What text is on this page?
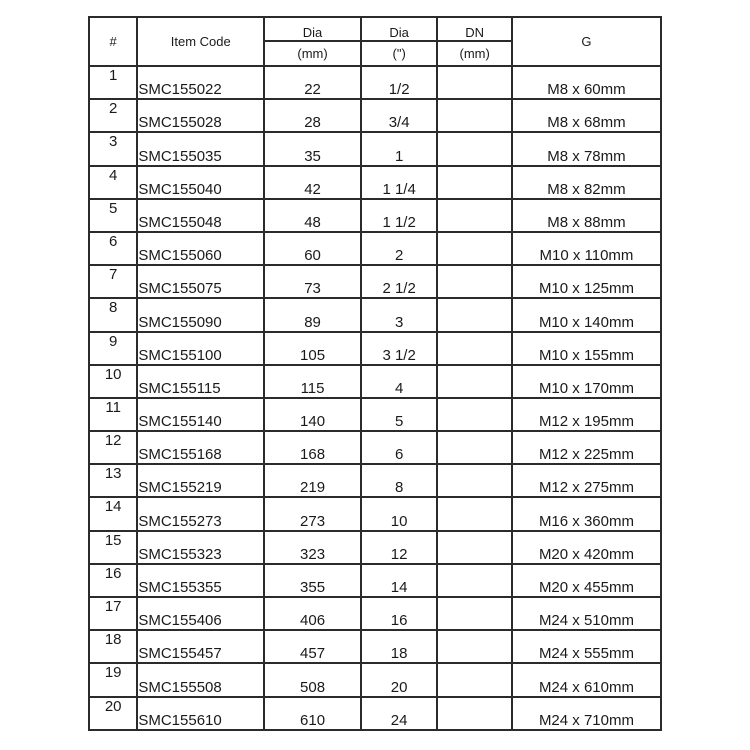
#	Item Code	Dia	Dia	DN	G
		(mm)	(")	(mm)	
1	SMC155022	22	1/2		M8 x 60mm
2	SMC155028	28	3/4		M8 x 68mm
3	SMC155035	35	1		M8 x 78mm
4	SMC155040	42	1 1/4		M8 x 82mm
5	SMC155048	48	1 1/2		M8 x 88mm
6	SMC155060	60	2		M10 x 110mm
7	SMC155075	73	2 1/2		M10 x 125mm
8	SMC155090	89	3		M10 x 140mm
9	SMC155100	105	3 1/2		M10 x 155mm
10	SMC155115	115	4		M10 x 170mm
11	SMC155140	140	5		M12 x 195mm
12	SMC155168	168	6		M12 x 225mm
13	SMC155219	219	8		M12 x 275mm
14	SMC155273	273	10		M16 x 360mm
15	SMC155323	323	12		M20 x 420mm
16	SMC155355	355	14		M20 x 455mm
17	SMC155406	406	16		M24 x 510mm
18	SMC155457	457	18		M24 x 555mm
19	SMC155508	508	20		M24 x 610mm
20	SMC155610	610	24		M24 x 710mm
